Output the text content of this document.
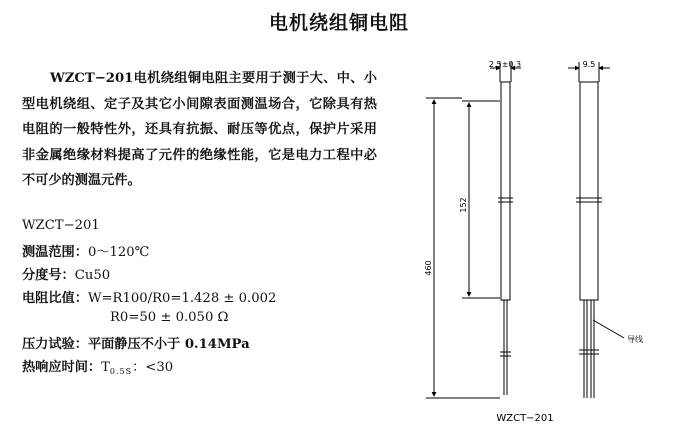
电机绕组铜电阻
WZCT−201电机绕组铜电阻主要用于测于大、中、小型电机绕组、定子及其它小间隙表面测温场合，它除具有热电阻的一般特性外，还具有抗振、耐压等优点，保护片采用非金属绝缘材料提高了元件的绝缘性能，它是电力工程中必不可少的测温元件。
WZCT−201
测温范围：0～120℃
分度号：Cu50
电阻比值：W=R100/R0=1.428 ± 0.002
R0=50 ± 0.050 Ω
压力试验：平面静压不小于 0.14MPa
热响应时间：$T_{0.5S}$：<30
2.5±0.3	9.5
152
460
导线
WZCT−201
